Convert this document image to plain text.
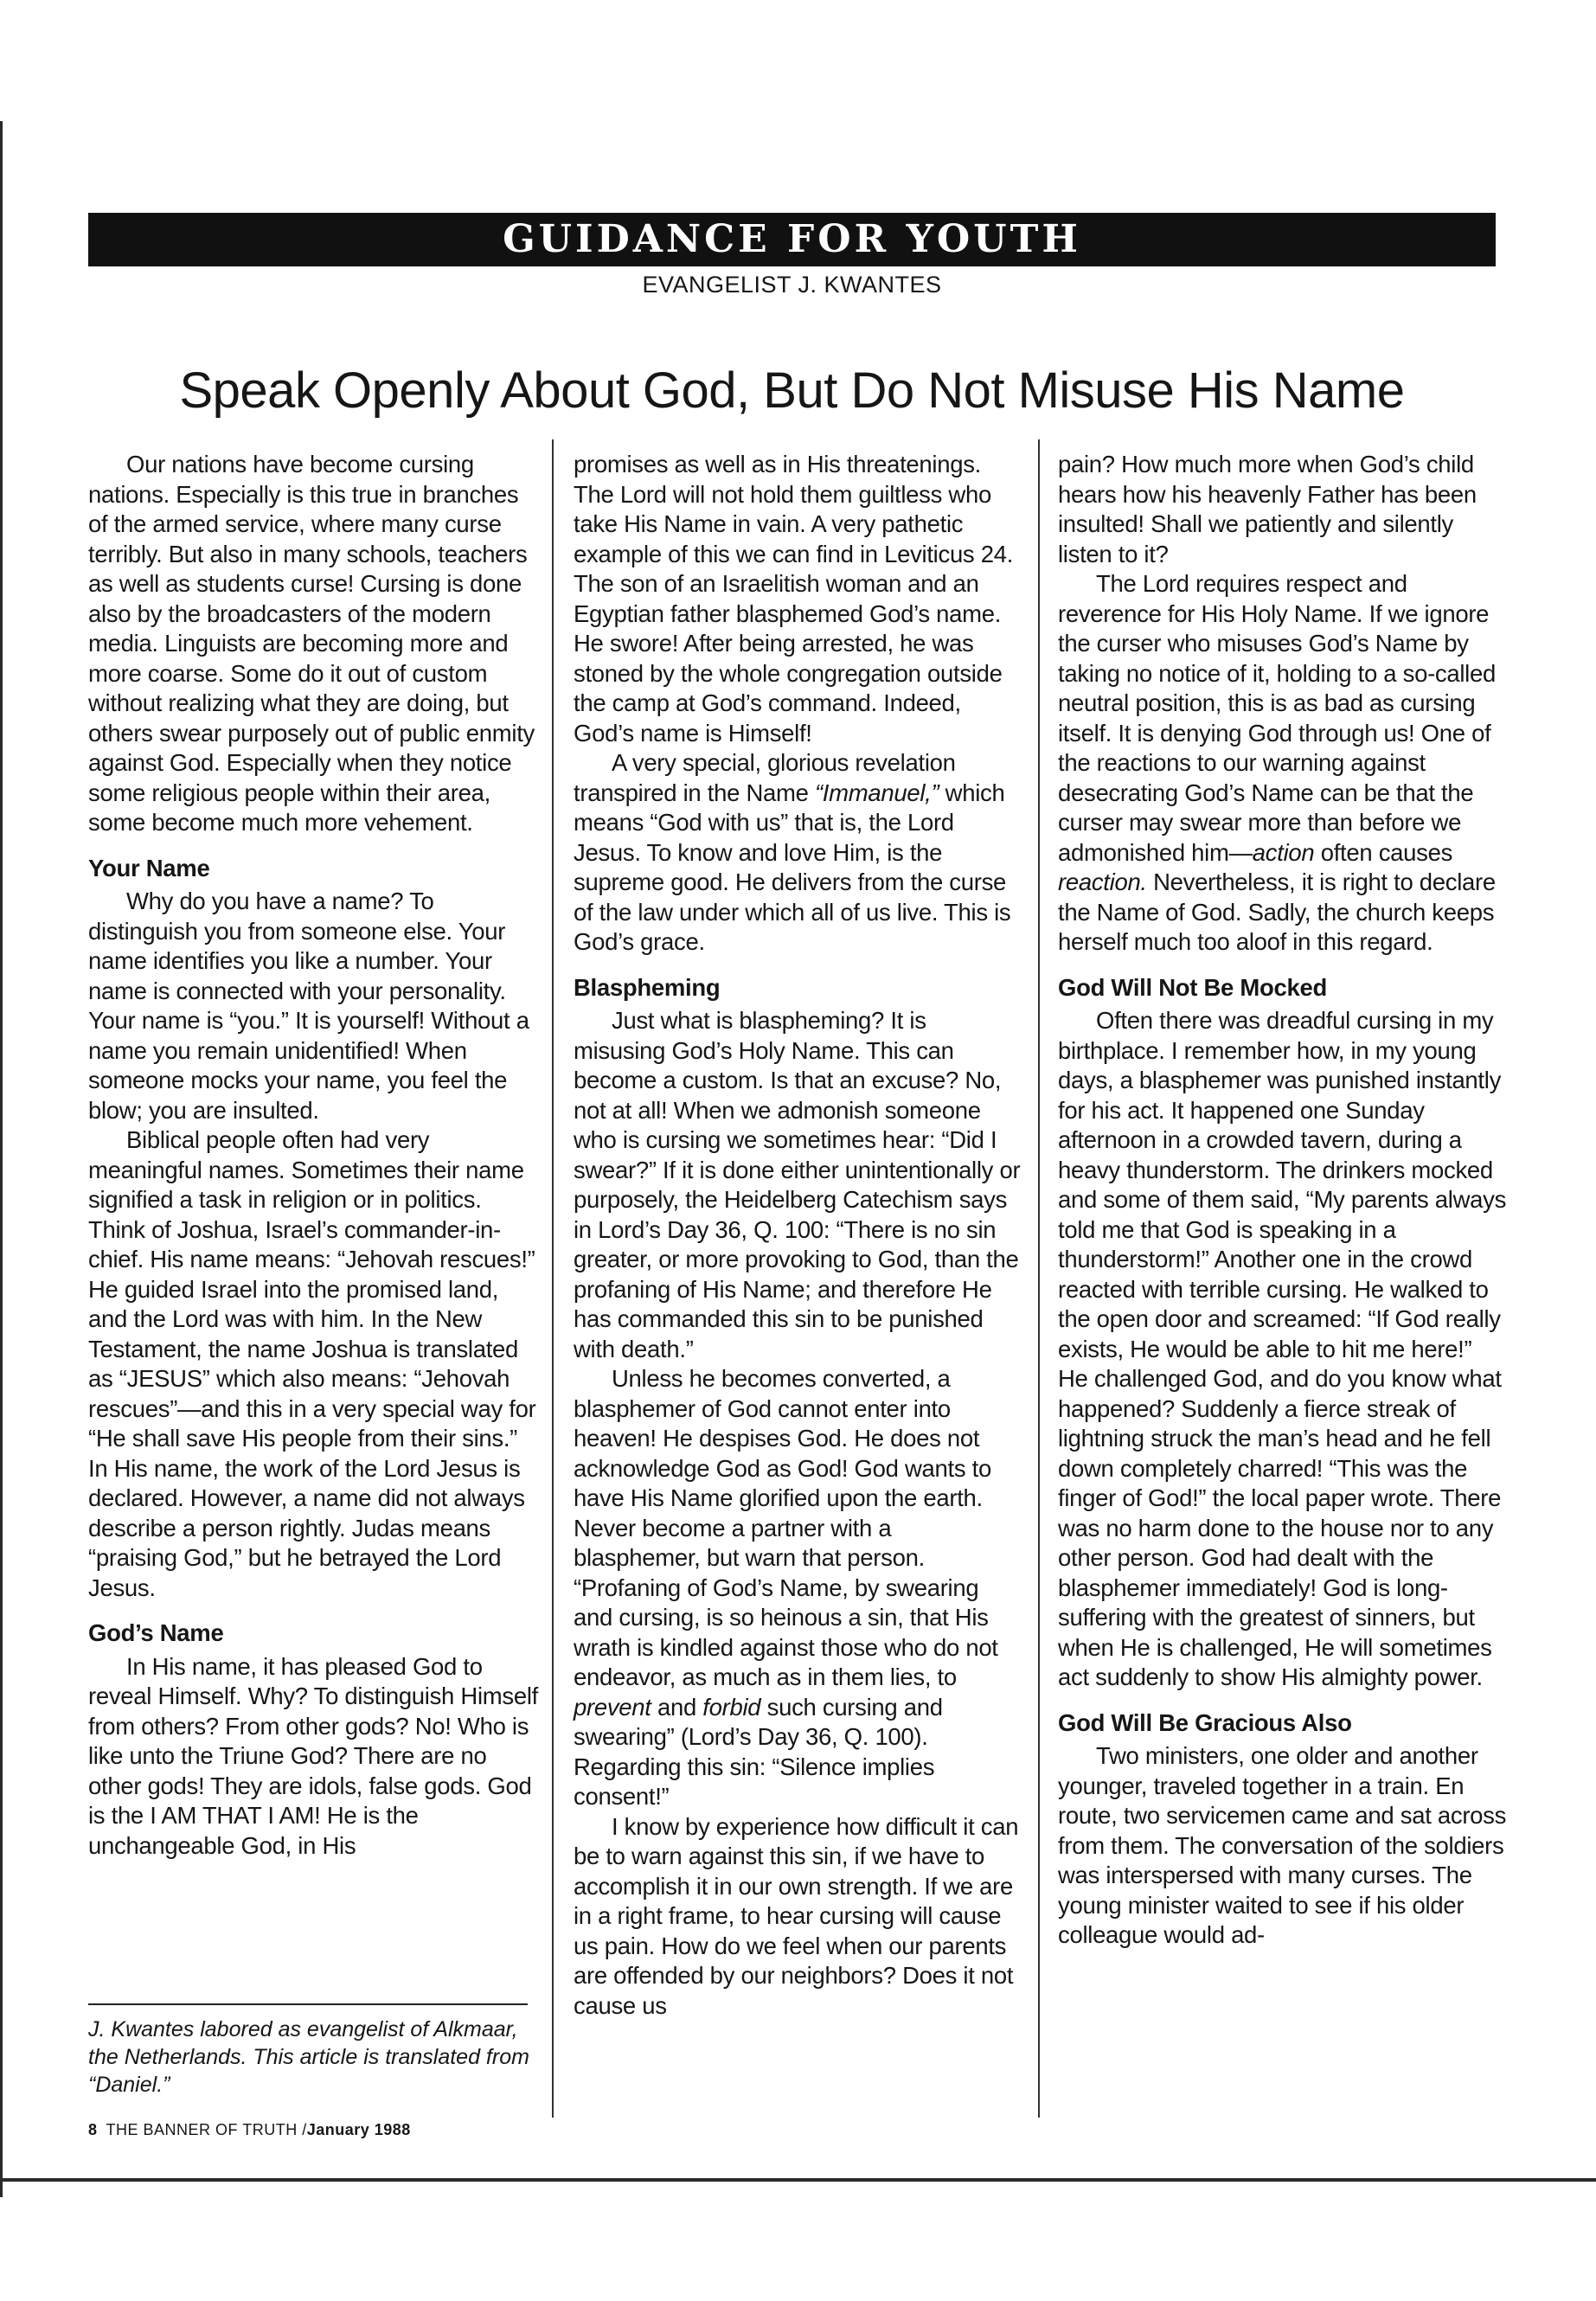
GUIDANCE FOR YOUTH
EVANGELIST J. KWANTES
Speak Openly About God, But Do Not Misuse His Name

Our nations have become cursing nations. Especially is this true in branches of the armed service, where many curse terribly. But also in many schools, teachers as well as students curse! Cursing is done also by the broadcasters of the modern media. Linguists are becoming more and more coarse. Some do it out of custom without realizing what they are doing, but others swear purposely out of public enmity against God. Especially when they notice some religious people within their area, some become much more vehement.

Your Name

Why do you have a name? To distinguish you from someone else. Your name identifies you like a number. Your name is connected with your personality. Your name is “you.” It is yourself! Without a name you remain unidentified! When someone mocks your name, you feel the blow; you are insulted.

Biblical people often had very meaningful names. Sometimes their name signified a task in religion or in politics. Think of Joshua, Israel’s commander-in-chief. His name means: “Jehovah rescues!” He guided Israel into the promised land, and the Lord was with him. In the New Testament, the name Joshua is translated as “JESUS” which also means: “Jehovah rescues”—and this in a very special way for “He shall save His people from their sins.” In His name, the work of the Lord Jesus is declared. However, a name did not always describe a person rightly. Judas means “praising God,” but he betrayed the Lord Jesus.

God’s Name

In His name, it has pleased God to reveal Himself. Why? To distinguish Himself from others? From other gods? No! Who is like unto the Triune God? There are no other gods! They are idols, false gods. God is the I AM THAT I AM! He is the unchangeable God, in His

J. Kwantes labored as evangelist of Alkmaar, the Netherlands. This article is translated from “Daniel.”
8 THE BANNER OF TRUTH /January 1988

promises as well as in His threatenings. The Lord will not hold them guiltless who take His Name in vain. A very pathetic example of this we can find in Leviticus 24. The son of an Israelitish woman and an Egyptian father blasphemed God’s name. He swore! After being arrested, he was stoned by the whole congregation outside the camp at God’s command. Indeed, God’s name is Himself!

A very special, glorious revelation transpired in the Name “Immanuel,” which means “God with us” that is, the Lord Jesus. To know and love Him, is the supreme good. He delivers from the curse of the law under which all of us live. This is God’s grace.

Blaspheming

Just what is blaspheming? It is misusing God’s Holy Name. This can become a custom. Is that an excuse? No, not at all! When we admonish someone who is cursing we sometimes hear: “Did I swear?” If it is done either unintentionally or purposely, the Heidelberg Catechism says in Lord’s Day 36, Q. 100: “There is no sin greater, or more provoking to God, than the profaning of His Name; and therefore He has commanded this sin to be punished with death.”

Unless he becomes converted, a blasphemer of God cannot enter into heaven! He despises God. He does not acknowledge God as God! God wants to have His Name glorified upon the earth. Never become a partner with a blasphemer, but warn that person. “Profaning of God’s Name, by swearing and cursing, is so heinous a sin, that His wrath is kindled against those who do not endeavor, as much as in them lies, to prevent and forbid such cursing and swearing” (Lord’s Day 36, Q. 100). Regarding this sin: “Silence implies consent!”

I know by experience how difficult it can be to warn against this sin, if we have to accomplish it in our own strength. If we are in a right frame, to hear cursing will cause us pain. How do we feel when our parents are offended by our neighbors? Does it not cause us

pain? How much more when God’s child hears how his heavenly Father has been insulted! Shall we patiently and silently listen to it?

The Lord requires respect and reverence for His Holy Name. If we ignore the curser who misuses God’s Name by taking no notice of it, holding to a so-called neutral position, this is as bad as cursing itself. It is denying God through us! One of the reactions to our warning against desecrating God’s Name can be that the curser may swear more than before we admonished him—action often causes reaction. Nevertheless, it is right to declare the Name of God. Sadly, the church keeps herself much too aloof in this regard.

God Will Not Be Mocked

Often there was dreadful cursing in my birthplace. I remember how, in my young days, a blasphemer was punished instantly for his act. It happened one Sunday afternoon in a crowded tavern, during a heavy thunderstorm. The drinkers mocked and some of them said, “My parents always told me that God is speaking in a thunderstorm!” Another one in the crowd reacted with terrible cursing. He walked to the open door and screamed: “If God really exists, He would be able to hit me here!” He challenged God, and do you know what happened? Suddenly a fierce streak of lightning struck the man’s head and he fell down completely charred! “This was the finger of God!” the local paper wrote. There was no harm done to the house nor to any other person. God had dealt with the blasphemer immediately! God is long-suffering with the greatest of sinners, but when He is challenged, He will sometimes act suddenly to show His almighty power.

God Will Be Gracious Also

Two ministers, one older and another younger, traveled together in a train. En route, two servicemen came and sat across from them. The conversation of the soldiers was interspersed with many curses. The young minister waited to see if his older colleague would ad-
